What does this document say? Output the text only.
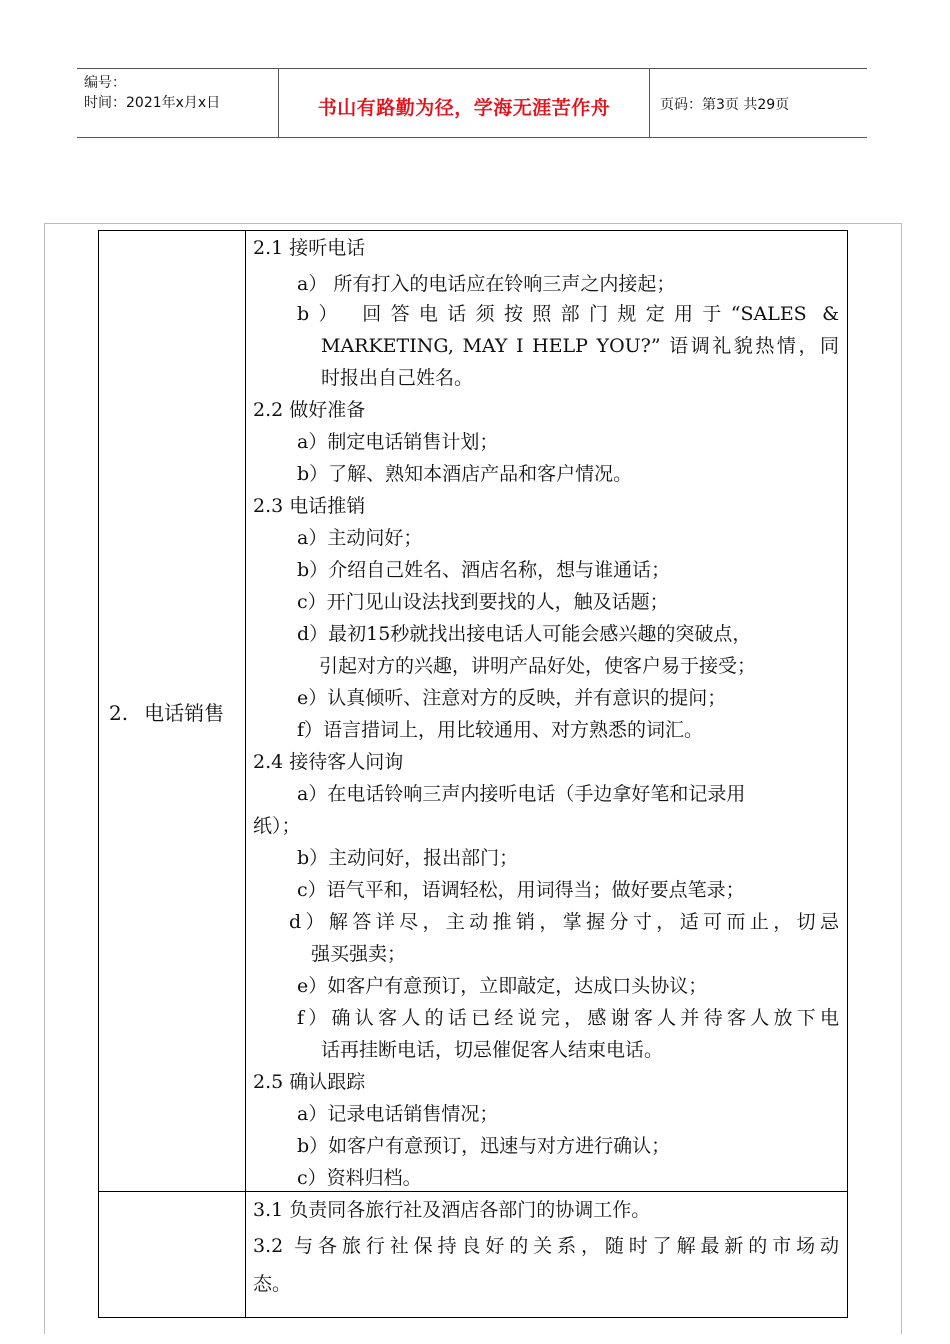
编号：
时间：2021年x月x日	书山有路勤为径，学海无涯苦作舟	页码：第3页 共29页
2. 电话销售
2.1 接听电话
a） 所有打入的电话应在铃响三声之内接起；
b） 回答电话须按照部门规定用于“SALES &
MARKETING, MAY I HELP YOU?” 语调礼貌热情，同
时报出自己姓名。
2.2 做好准备
a）制定电话销售计划；
b）了解、熟知本酒店产品和客户情况。
2.3 电话推销
a）主动问好；
b）介绍自己姓名、酒店名称，想与谁通话；
c）开门见山设法找到要找的人，触及话题；
d）最初15秒就找出接电话人可能会感兴趣的突破点，
引起对方的兴趣，讲明产品好处，使客户易于接受；
e）认真倾听、注意对方的反映，并有意识的提问；
f）语言措词上，用比较通用、对方熟悉的词汇。
2.4 接待客人问询
a）在电话铃响三声内接听电话（手边拿好笔和记录用
纸）；
b）主动问好，报出部门；
c）语气平和，语调轻松，用词得当；做好要点笔录；
d）解答详尽，主动推销，掌握分寸，适可而止，切忌
强买强卖；
e）如客户有意预订，立即敲定，达成口头协议；
f）确认客人的话已经说完，感谢客人并待客人放下电
话再挂断电话，切忌催促客人结束电话。
2.5 确认跟踪
a）记录电话销售情况；
b）如客户有意预订，迅速与对方进行确认；
c）资料归档。
3.1 负责同各旅行社及酒店各部门的协调工作。
3.2 与各旅行社保持良好的关系，随时了解最新的市场动
态。
